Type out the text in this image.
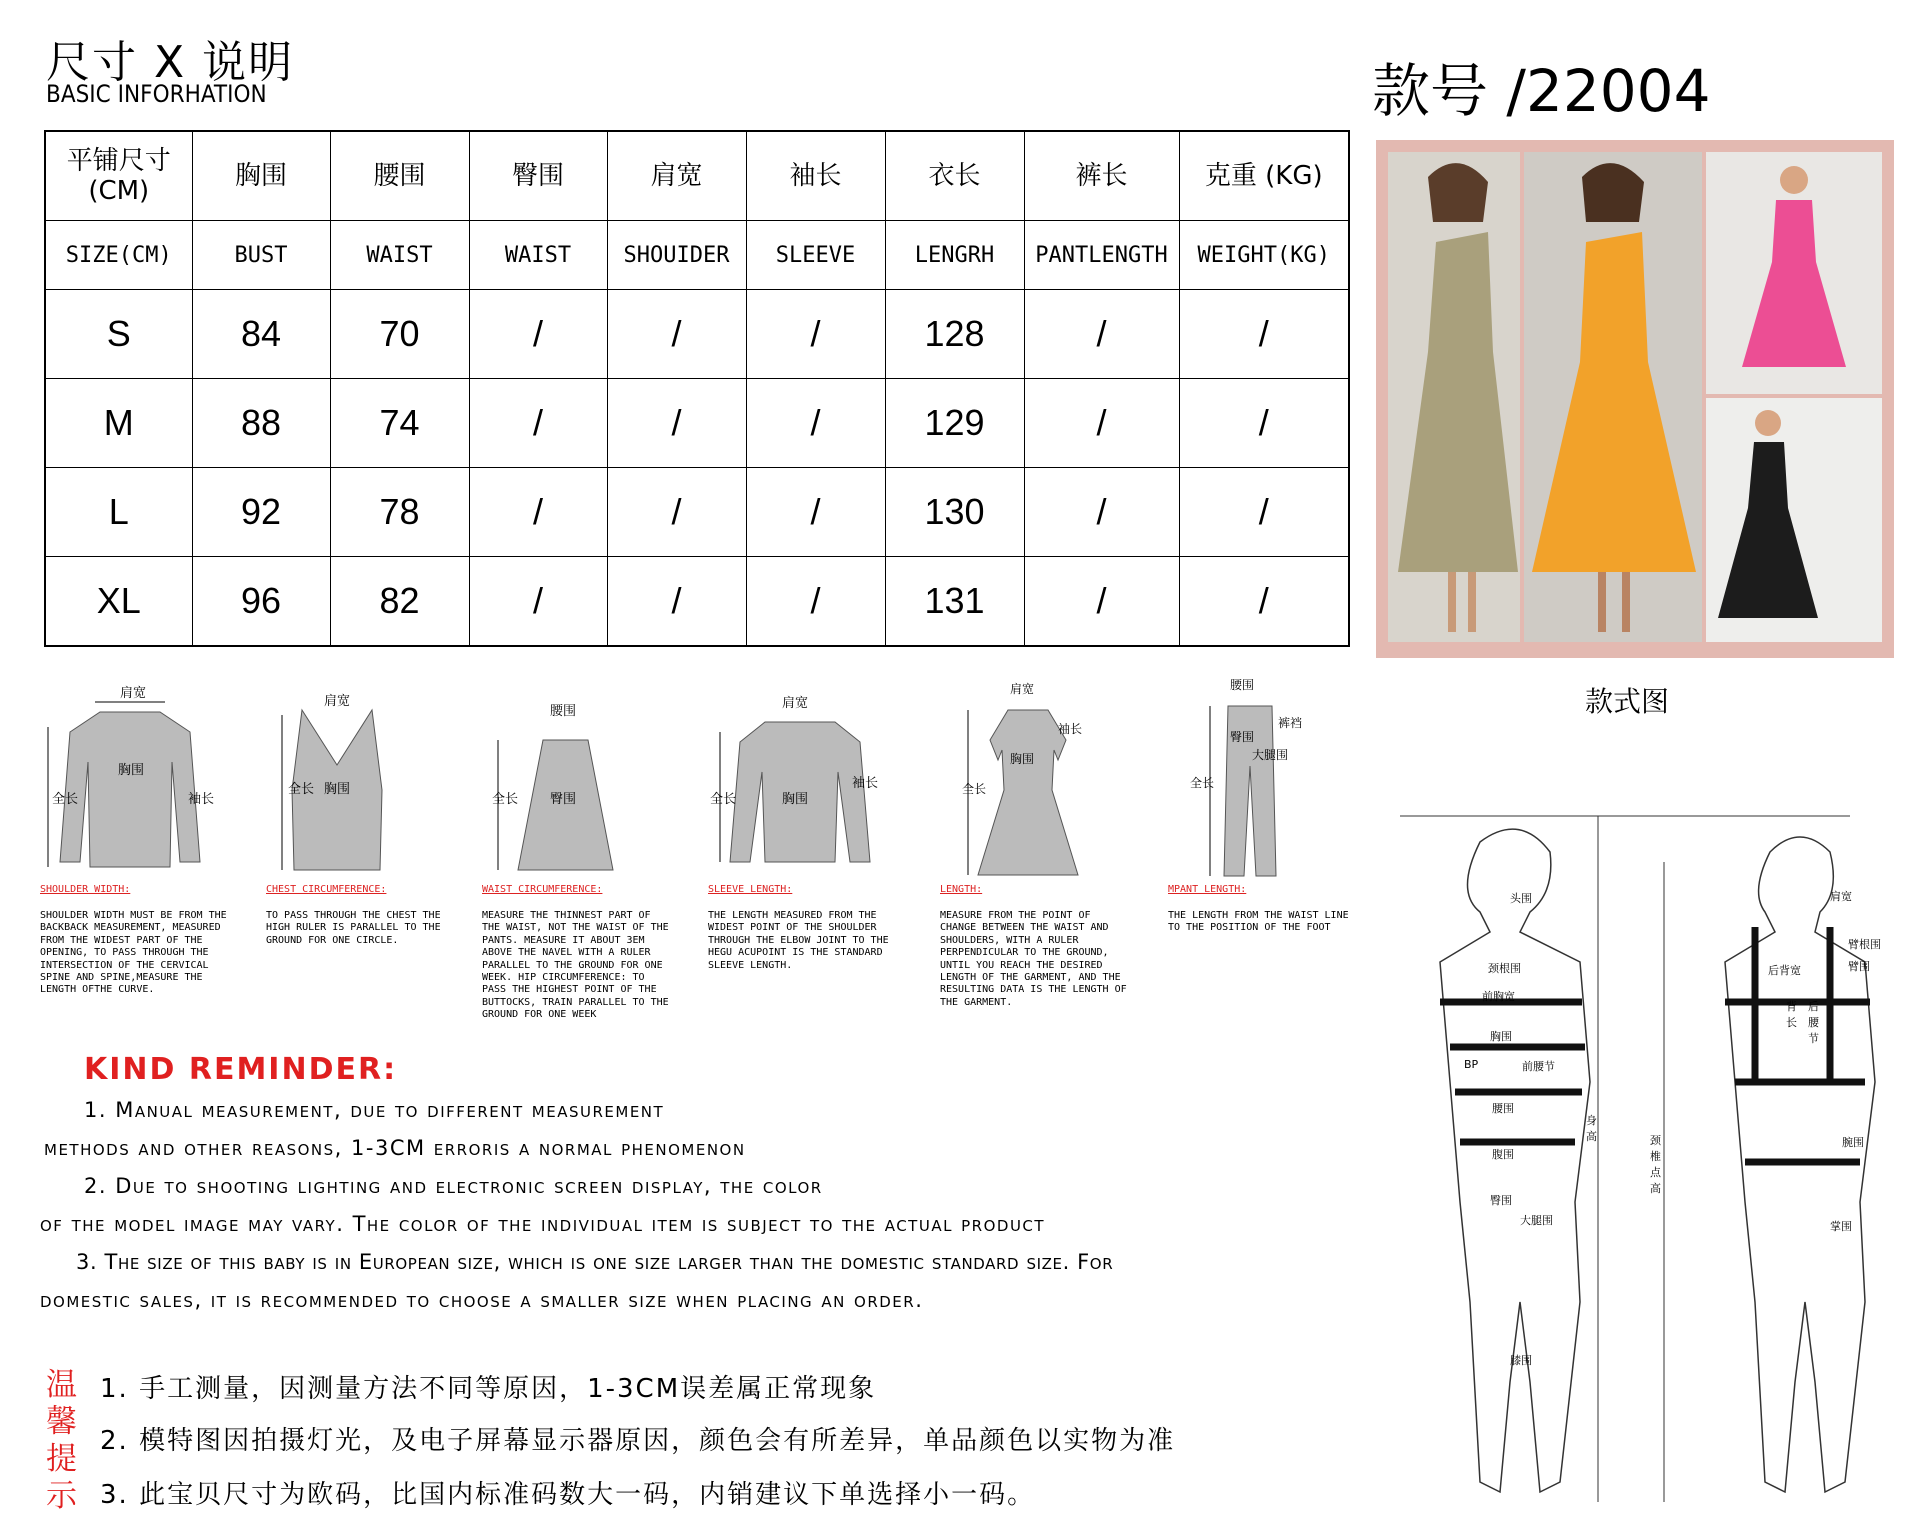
尺寸 X 说明
BASIC INFORHATION	款号 /22004
平铺尺寸
(CM)	胸围	腰围	臀围	肩宽	袖长	衣长	裤长	克重 (KG)
SIZE(CM)	BUST	WAIST	WAIST	SHOUIDER	SLEEVE	LENGRH	PANTLENGTH	WEIGHT(KG)
S	84	70	/	/	/	128	/	/
M	88	74	/	/	/	129	/	/
L	92	78	/	/	/	130	/	/
XL	96	82	/	/	/	131	/	/
款式图
肩宽
胸围
全长	袖长
肩宽
胸围
全长
腰围
臀围
全长
肩宽
胸围
全长
袖长
肩宽
袖长
胸围
全长
腰围
裤裆
臀围
大腿围
全长
SHOULDER WIDTH:
SHOULDER WIDTH MUST BE FROM THE BACKBACK MEASUREMENT, MEASURED FROM THE WIDEST PART OF THE OPENING, TO PASS THROUGH THE INTERSECTION OF THE CERVICAL SPINE AND SPINE,MEASURE THE LENGTH OFTHE CURVE.
CHEST CIRCUMFERENCE:
TO PASS THROUGH THE CHEST THE HIGH RULER IS PARALLEL TO THE GROUND FOR ONE CIRCLE.
WAIST CIRCUMFERENCE:
MEASURE THE THINNEST PART OF THE WAIST, NOT THE WAIST OF THE PANTS. MEASURE IT ABOUT 3EM ABOVE THE NAVEL WITH A RULER PARALLEL TO THE GROUND FOR ONE WEEK. HIP CIRCUMFERENCE: TO PASS THE HIGHEST POINT OF THE BUTTOCKS, TRAIN PARALLEL TO THE GROUND FOR ONE WEEK
SLEEVE LENGTH:
THE LENGTH MEASURED FROM THE WIDEST POINT OF THE SHOULDER THROUGH THE ELBOW JOINT TO THE HEGU ACUPOINT IS THE STANDARD SLEEVE LENGTH.
LENGTH:
MEASURE FROM THE POINT OF CHANGE BETWEEN THE WAIST AND SHOULDERS, WITH A RULER PERPENDICULAR TO THE GROUND, UNTIL YOU REACH THE DESIRED LENGTH OF THE GARMENT, AND THE RESULTING DATA IS THE LENGTH OF THE GARMENT.
MPANT LENGTH:
THE LENGTH FROM THE WAIST LINE TO THE POSITION OF THE FOOT
KIND REMINDER:
1. Manual measurement, due to different measurement
methods and other reasons, 1-3CM erroris a normal phenomenon
2. Due to shooting lighting and electronic screen display, the color
of the model image may vary. The color of the individual item is subject to the actual product
3. The size of this baby is in European size, which is one size larger than the domestic standard size. For
domestic sales, it is recommended to choose a smaller size when placing an order.
温馨提示
1. 手工测量，因测量方法不同等原因，1-3CM误差属正常现象
2. 模特图因拍摄灯光，及电子屏幕显示器原因，颜色会有所差异，单品颜色以实物为准
3. 此宝贝尺寸为欧码，比国内标准码数大一码，内销建议下单选择小一码。
头围
颈根围
前胸宽
胸围
BP	前腰节
腰围
腹围
臀围
大腿围
膝围
肩宽
臂根围
臂围
后背宽
背长
后腰节
腕围
掌围
身高	颈椎点高
